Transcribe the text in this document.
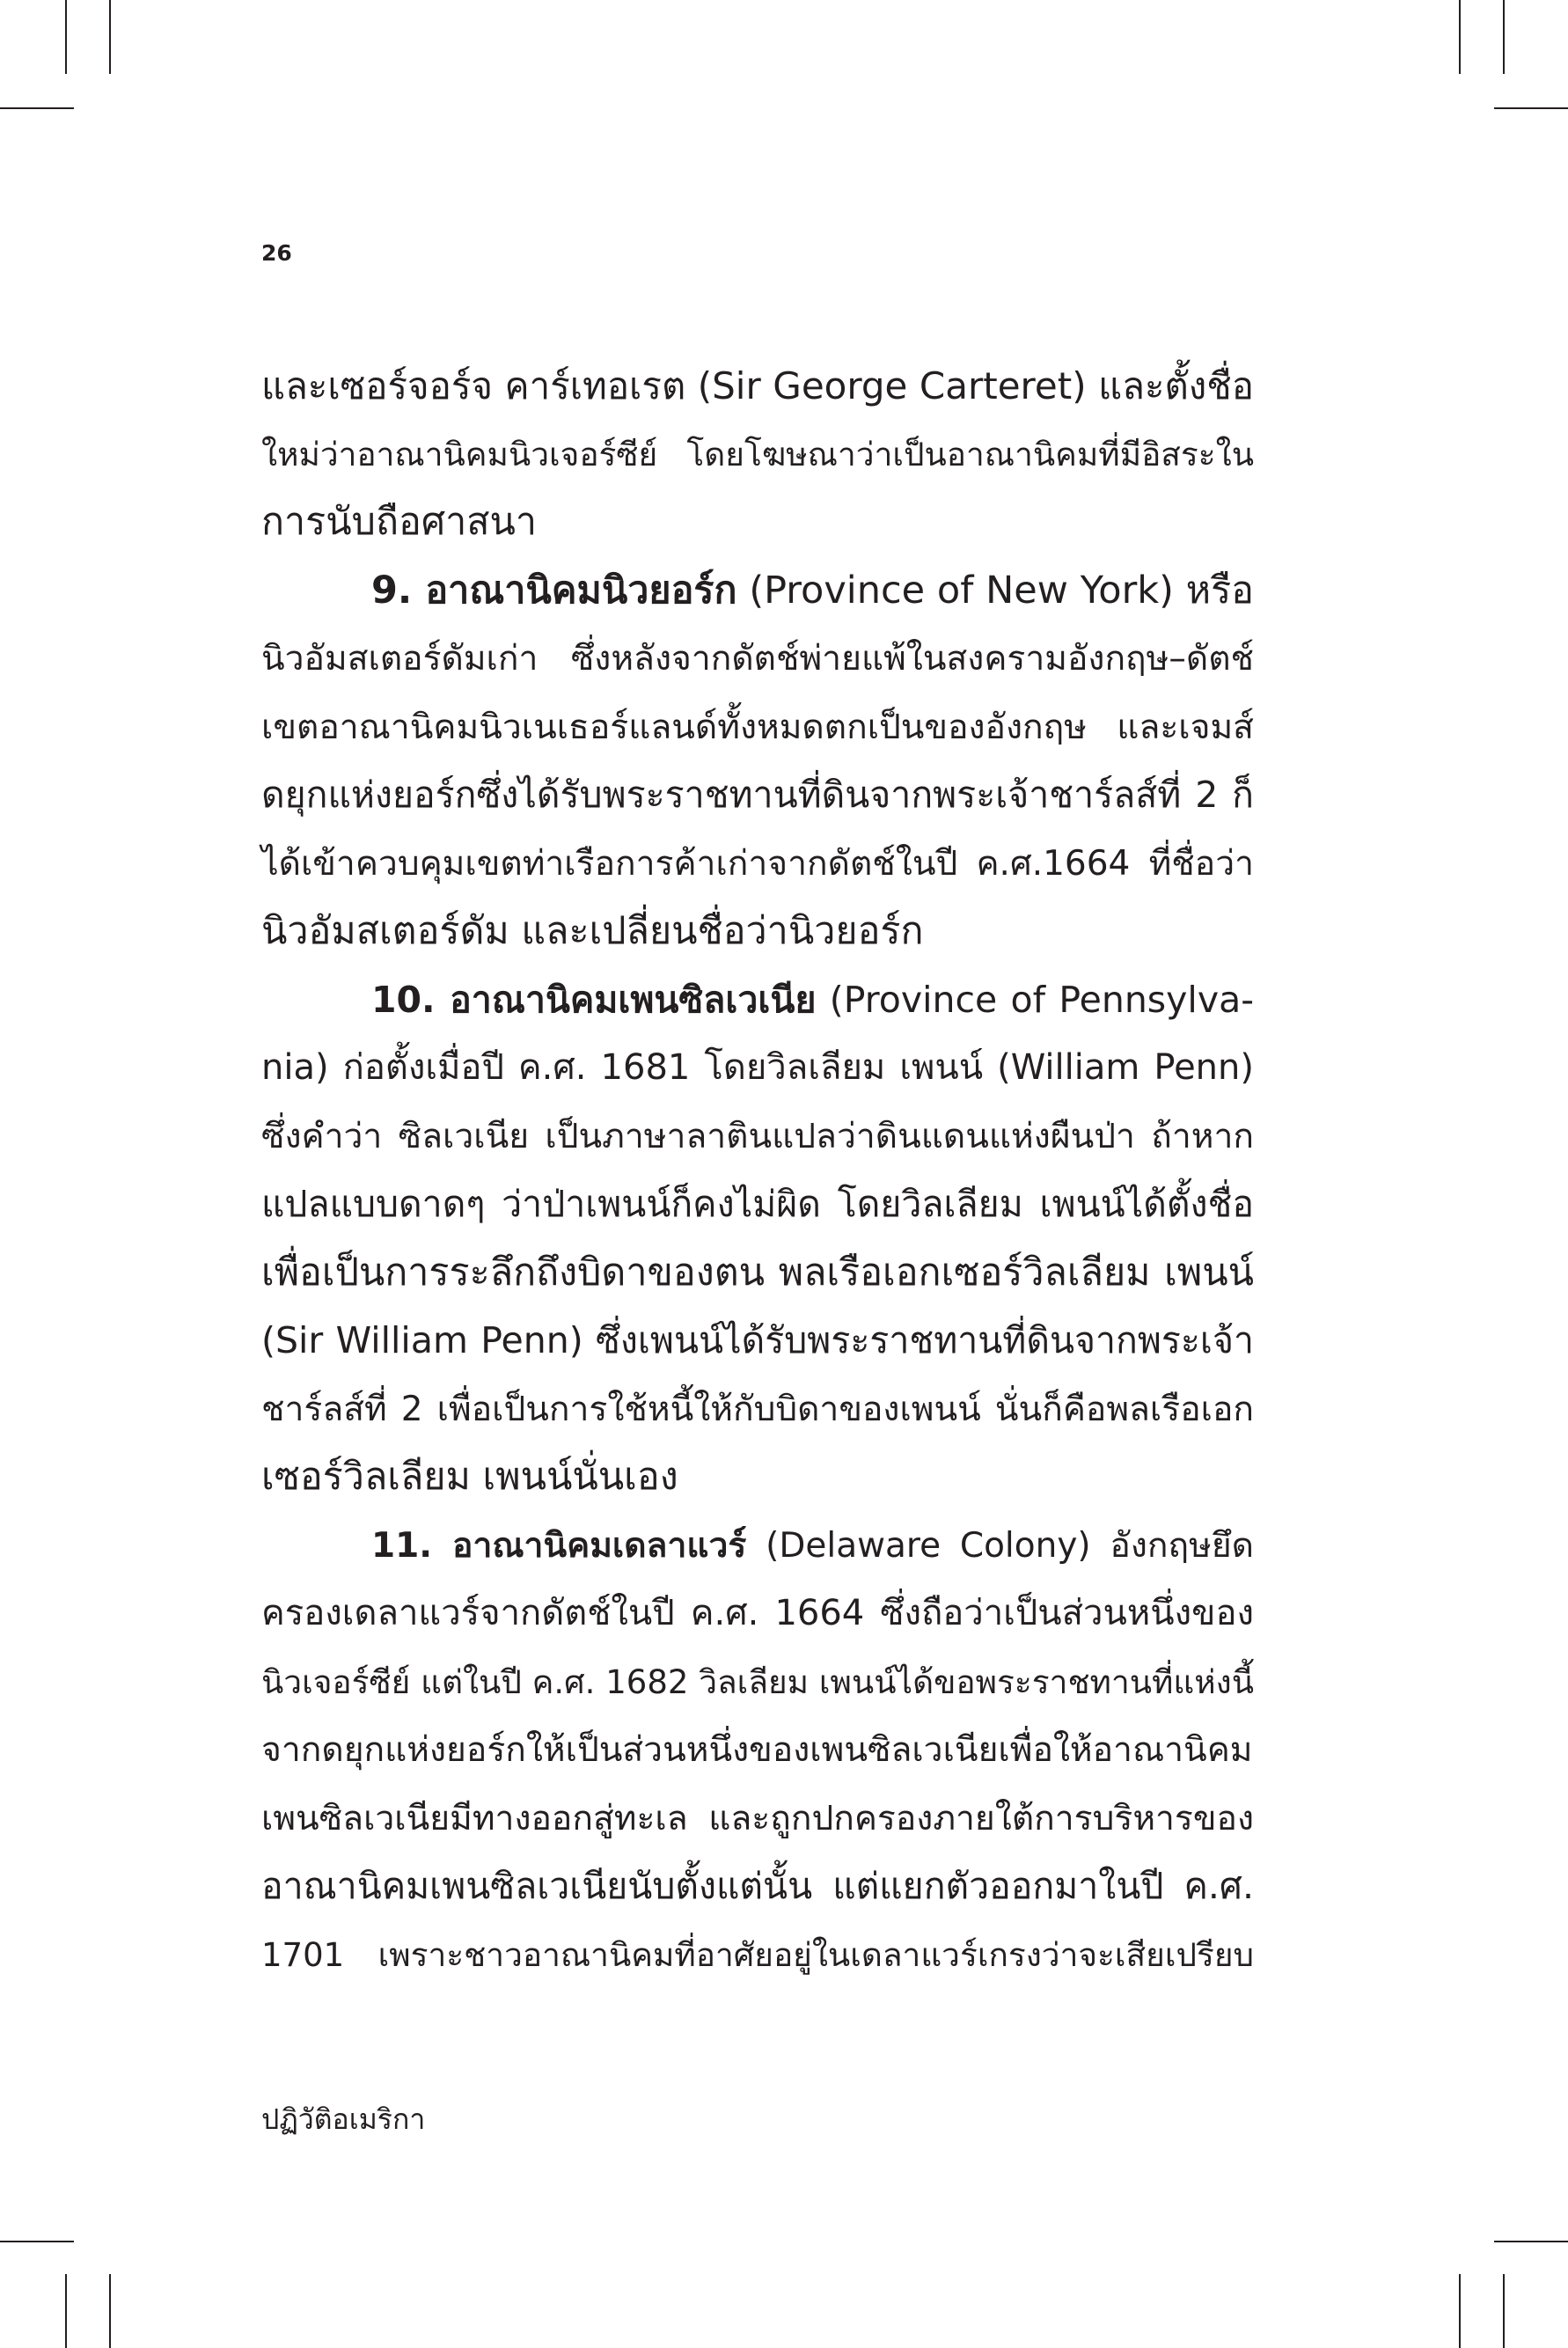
26
และเซอร์จอร์จ คาร์เทอเรต (Sir George Carteret) และตั้งชื่อ
ใหม่ว่าอาณานิคมนิวเจอร์ซีย์ โดยโฆษณาว่าเป็นอาณานิคมที่มีอิสระใน
การนับถือศาสนา
9. อาณานิคมนิวยอร์ก (Province of New York) หรือ
นิวอัมสเตอร์ดัมเก่า ซึ่งหลังจากดัตช์พ่ายแพ้ในสงครามอังกฤษ–ดัตช์
เขตอาณานิคมนิวเนเธอร์แลนด์ทั้งหมดตกเป็นของอังกฤษ และเจมส์
ดยุกแห่งยอร์กซึ่งได้รับพระราชทานที่ดินจากพระเจ้าชาร์ลส์ที่ 2 ก็
ได้เข้าควบคุมเขตท่าเรือการค้าเก่าจากดัตช์ในปี ค.ศ.1664 ที่ชื่อว่า
นิวอัมสเตอร์ดัม และเปลี่ยนชื่อว่านิวยอร์ก
10. อาณานิคมเพนซิลเวเนีย (Province of Pennsylva-
nia) ก่อตั้งเมื่อปี ค.ศ. 1681 โดยวิลเลียม เพนน์ (William Penn)
ซึ่งคำว่า ซิลเวเนีย เป็นภาษาลาตินแปลว่าดินแดนแห่งผืนป่า ถ้าหาก
แปลแบบดาดๆ ว่าป่าเพนน์ก็คงไม่ผิด โดยวิลเลียม เพนน์ได้ตั้งชื่อ
เพื่อเป็นการระลึกถึงบิดาของตน พลเรือเอกเซอร์วิลเลียม เพนน์
(Sir William Penn) ซึ่งเพนน์ได้รับพระราชทานที่ดินจากพระเจ้า
ชาร์ลส์ที่ 2 เพื่อเป็นการใช้หนี้ให้กับบิดาของเพนน์ นั่นก็คือพลเรือเอก
เซอร์วิลเลียม เพนน์นั่นเอง
11. อาณานิคมเดลาแวร์ (Delaware Colony) อังกฤษยึด
ครองเดลาแวร์จากดัตช์ในปี ค.ศ. 1664 ซึ่งถือว่าเป็นส่วนหนึ่งของ
นิวเจอร์ซีย์ แต่ในปี ค.ศ. 1682 วิลเลียม เพนน์ได้ขอพระราชทานที่แห่งนี้
จากดยุกแห่งยอร์กให้เป็นส่วนหนึ่งของเพนซิลเวเนียเพื่อให้อาณานิคม
เพนซิลเวเนียมีทางออกสู่ทะเล และถูกปกครองภายใต้การบริหารของ
อาณานิคมเพนซิลเวเนียนับตั้งแต่นั้น แต่แยกตัวออกมาในปี ค.ศ.
1701 เพราะชาวอาณานิคมที่อาศัยอยู่ในเดลาแวร์เกรงว่าจะเสียเปรียบ
ปฏิวัติอเมริกา
